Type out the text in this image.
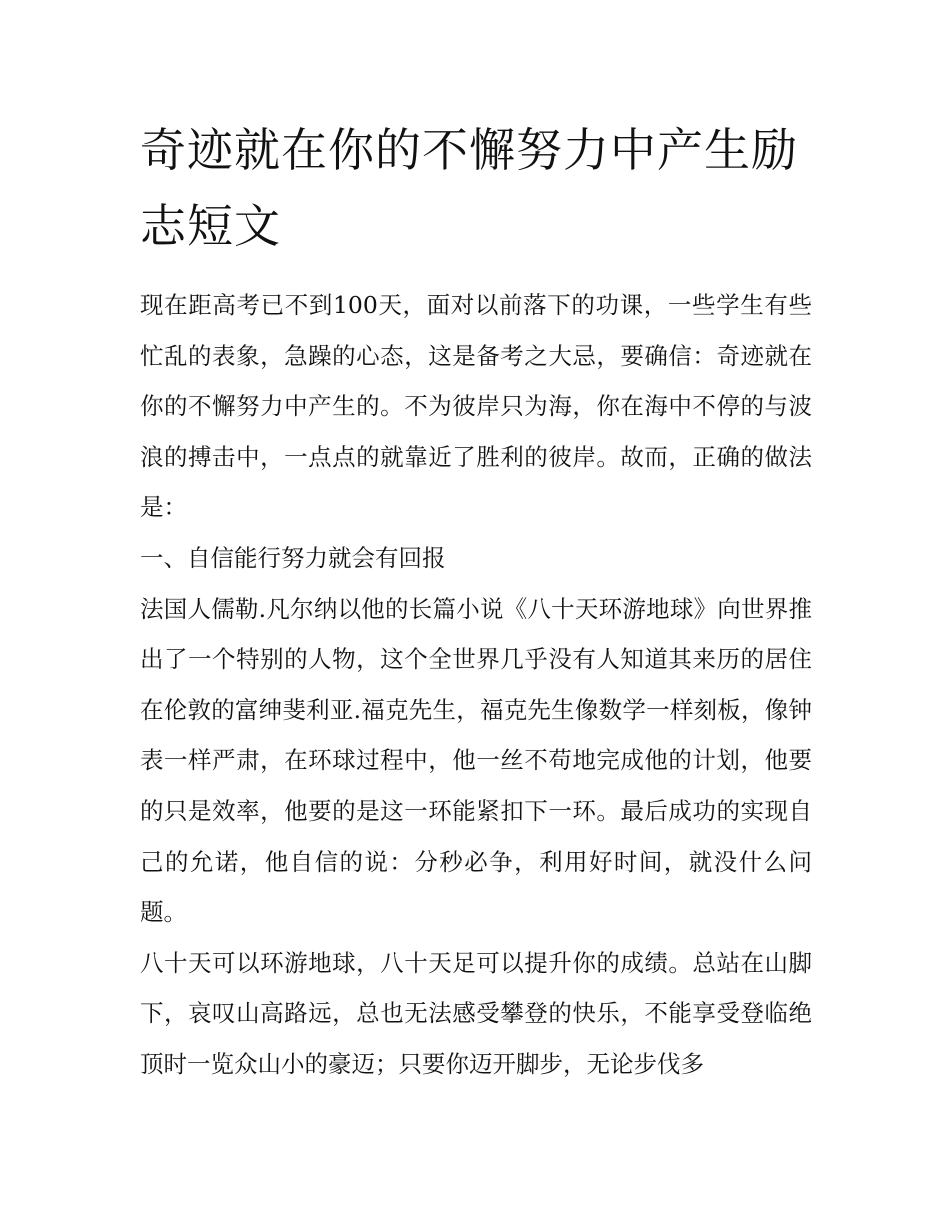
奇迹就在你的不懈努力中产生励志短文

现在距高考已不到100天，面对以前落下的功课，一些学生有些忙乱的表象，急躁的心态，这是备考之大忌，要确信：奇迹就在你的不懈努力中产生的。不为彼岸只为海，你在海中不停的与波浪的搏击中，一点点的就靠近了胜利的彼岸。故而，正确的做法是：

一、自信能行努力就会有回报

法国人儒勒.凡尔纳以他的长篇小说《八十天环游地球》向世界推出了一个特别的人物，这个全世界几乎没有人知道其来历的居住在伦敦的富绅斐利亚.福克先生，福克先生像数学一样刻板，像钟表一样严肃，在环球过程中，他一丝不苟地完成他的计划，他要的只是效率，他要的是这一环能紧扣下一环。最后成功的实现自己的允诺，他自信的说：分秒必争，利用好时间，就没什么问题。

八十天可以环游地球，八十天足可以提升你的成绩。总站在山脚下，哀叹山高路远，总也无法感受攀登的快乐，不能享受登临绝顶时一览众山小的豪迈；只要你迈开脚步，无论步伐多
